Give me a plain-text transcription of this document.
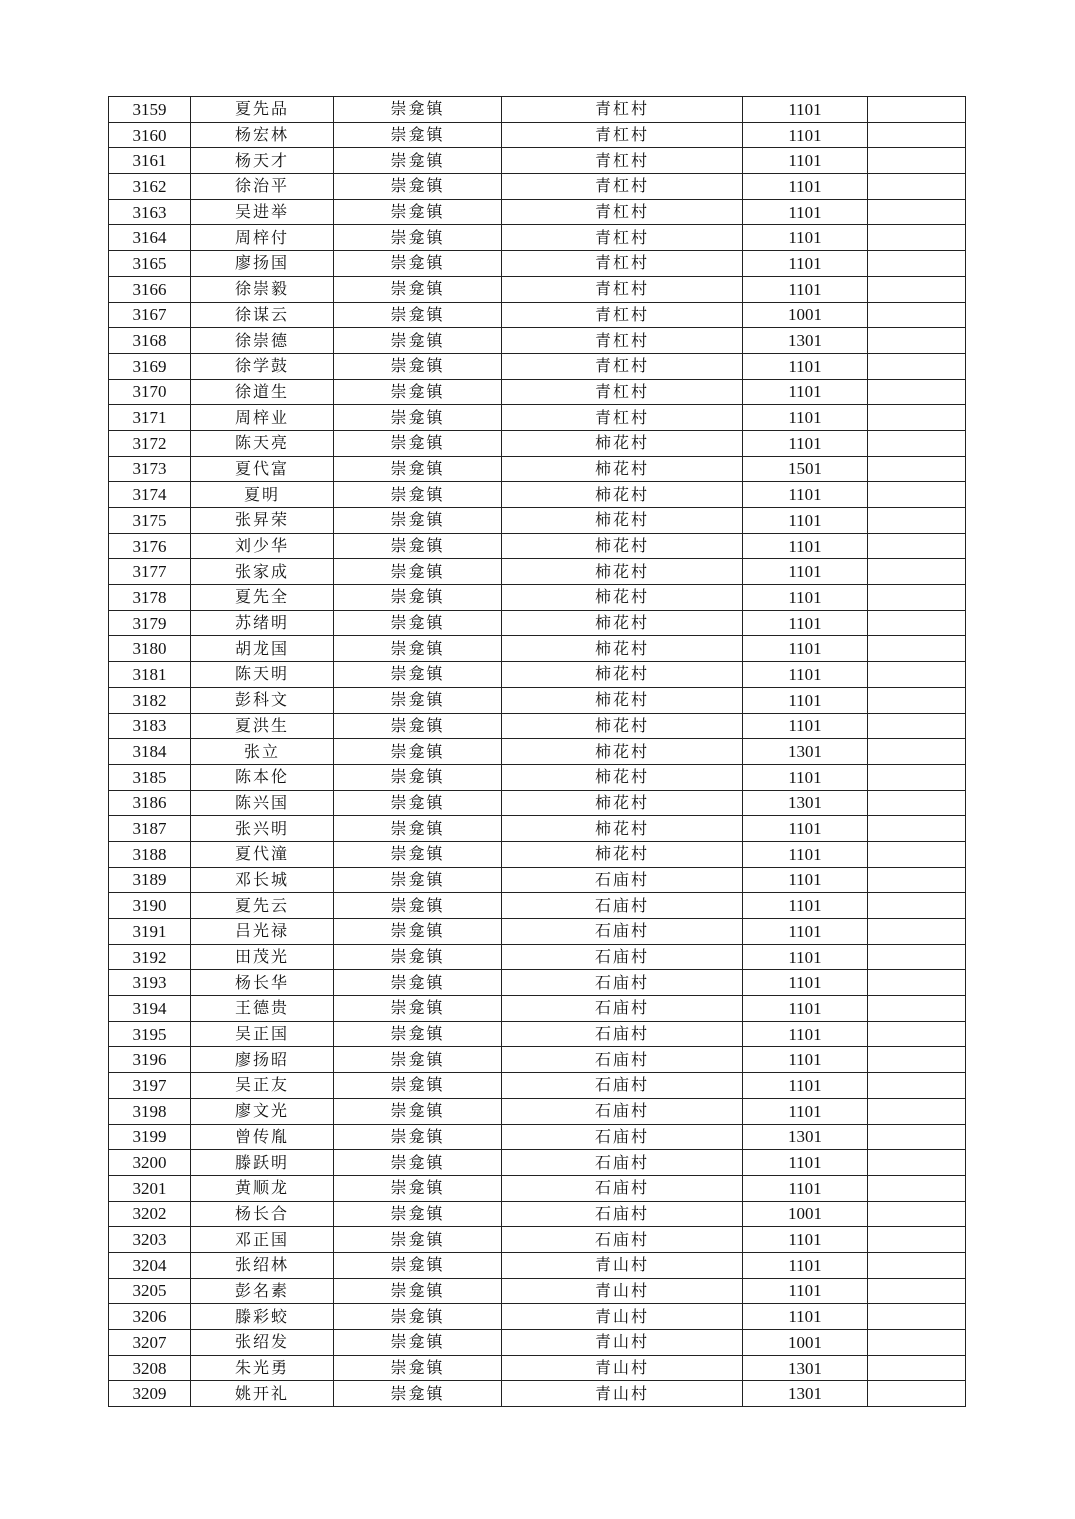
3159	夏先品	崇龛镇	青杠村	1101	
3160	杨宏林	崇龛镇	青杠村	1101	
3161	杨天才	崇龛镇	青杠村	1101	
3162	徐治平	崇龛镇	青杠村	1101	
3163	吴进举	崇龛镇	青杠村	1101	
3164	周梓付	崇龛镇	青杠村	1101	
3165	廖扬国	崇龛镇	青杠村	1101	
3166	徐崇毅	崇龛镇	青杠村	1101	
3167	徐谋云	崇龛镇	青杠村	1001	
3168	徐崇德	崇龛镇	青杠村	1301	
3169	徐学鼓	崇龛镇	青杠村	1101	
3170	徐道生	崇龛镇	青杠村	1101	
3171	周梓业	崇龛镇	青杠村	1101	
3172	陈天亮	崇龛镇	柿花村	1101	
3173	夏代富	崇龛镇	柿花村	1501	
3174	夏明	崇龛镇	柿花村	1101	
3175	张昇荣	崇龛镇	柿花村	1101	
3176	刘少华	崇龛镇	柿花村	1101	
3177	张家成	崇龛镇	柿花村	1101	
3178	夏先全	崇龛镇	柿花村	1101	
3179	苏绪明	崇龛镇	柿花村	1101	
3180	胡龙国	崇龛镇	柿花村	1101	
3181	陈天明	崇龛镇	柿花村	1101	
3182	彭科文	崇龛镇	柿花村	1101	
3183	夏洪生	崇龛镇	柿花村	1101	
3184	张立	崇龛镇	柿花村	1301	
3185	陈本伦	崇龛镇	柿花村	1101	
3186	陈兴国	崇龛镇	柿花村	1301	
3187	张兴明	崇龛镇	柿花村	1101	
3188	夏代潼	崇龛镇	柿花村	1101	
3189	邓长城	崇龛镇	石庙村	1101	
3190	夏先云	崇龛镇	石庙村	1101	
3191	吕光禄	崇龛镇	石庙村	1101	
3192	田茂光	崇龛镇	石庙村	1101	
3193	杨长华	崇龛镇	石庙村	1101	
3194	王德贵	崇龛镇	石庙村	1101	
3195	吴正国	崇龛镇	石庙村	1101	
3196	廖扬昭	崇龛镇	石庙村	1101	
3197	吴正友	崇龛镇	石庙村	1101	
3198	廖文光	崇龛镇	石庙村	1101	
3199	曾传胤	崇龛镇	石庙村	1301	
3200	滕跃明	崇龛镇	石庙村	1101	
3201	黄顺龙	崇龛镇	石庙村	1101	
3202	杨长合	崇龛镇	石庙村	1001	
3203	邓正国	崇龛镇	石庙村	1101	
3204	张绍林	崇龛镇	青山村	1101	
3205	彭名素	崇龛镇	青山村	1101	
3206	滕彩蛟	崇龛镇	青山村	1101	
3207	张绍发	崇龛镇	青山村	1001	
3208	朱光勇	崇龛镇	青山村	1301	
3209	姚开礼	崇龛镇	青山村	1301	
